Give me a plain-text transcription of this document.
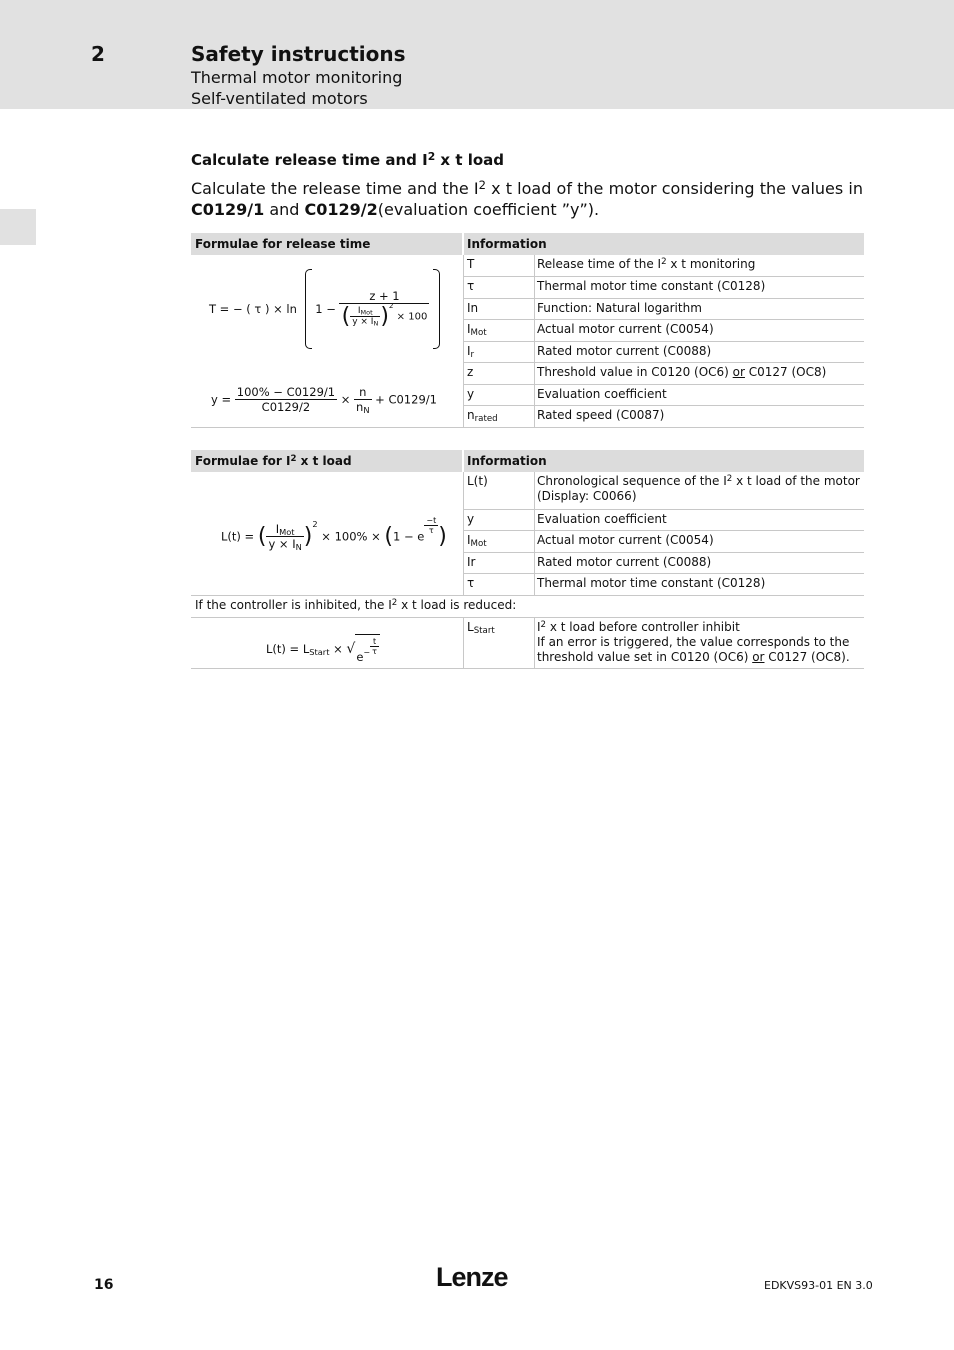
2	Safety instructions
Thermal motor monitoring
Self-ventilated motors
Calculate release time and $I^2$ x t load
Calculate the release time and the $I^2$ x t load of the motor considering the values in C0129/1 and C0129/2(evaluation coefficient ”y”).
Formulae for release time	Information
T = − ( τ ) × $\ln 1 - \frac{z + 1}{( \frac{I_{Mot}}{y \times I_N} )^2 \times 100}$

$y = \frac{100\% - C0129/1}{C0129/2} \times \frac{n}{n_N} + C0129/1$
T	Release time of the $I^2$ x t monitoring
τ	Thermal motor time constant (C0128)
In	Function: Natural logarithm
$I_{Mot}$	Actual motor current (C0054)
$I_r$	Rated motor current (C0088)
z	Threshold value in C0120 (OC6) or C0127 (OC8)
y	Evaluation coefficient
$n_{rated}$	Rated speed (C0087)
Formulae for $I^2$ x t load	Information
L(t) = ( $\frac{I_{Mot}}{y \times I_N} )^2 \times 100\% \times (1 - e$
$\frac{-t}{\tau}$ )
L(t)	Chronological sequence of the $I^2$ x t load of the motor (Display: C0066)
y	Evaluation coefficient
$I_{Mot}$	Actual motor current (C0054)
Ir	Rated motor current (C0088)
τ	Thermal motor time constant (C0128)
If the controller is inhibited, the $I^2$ x t load is reduced:
$L(t) = L_{Start} \times √e^- \frac{t}{\tau}$
$L_{Start}$	$I^2$ x t load before controller inhibit
If an error is triggered, the value corresponds to the threshold value set in C0120 (OC6) or C0127 (OC8).
16	Lenze	EDKVS93-01 EN 3.0
